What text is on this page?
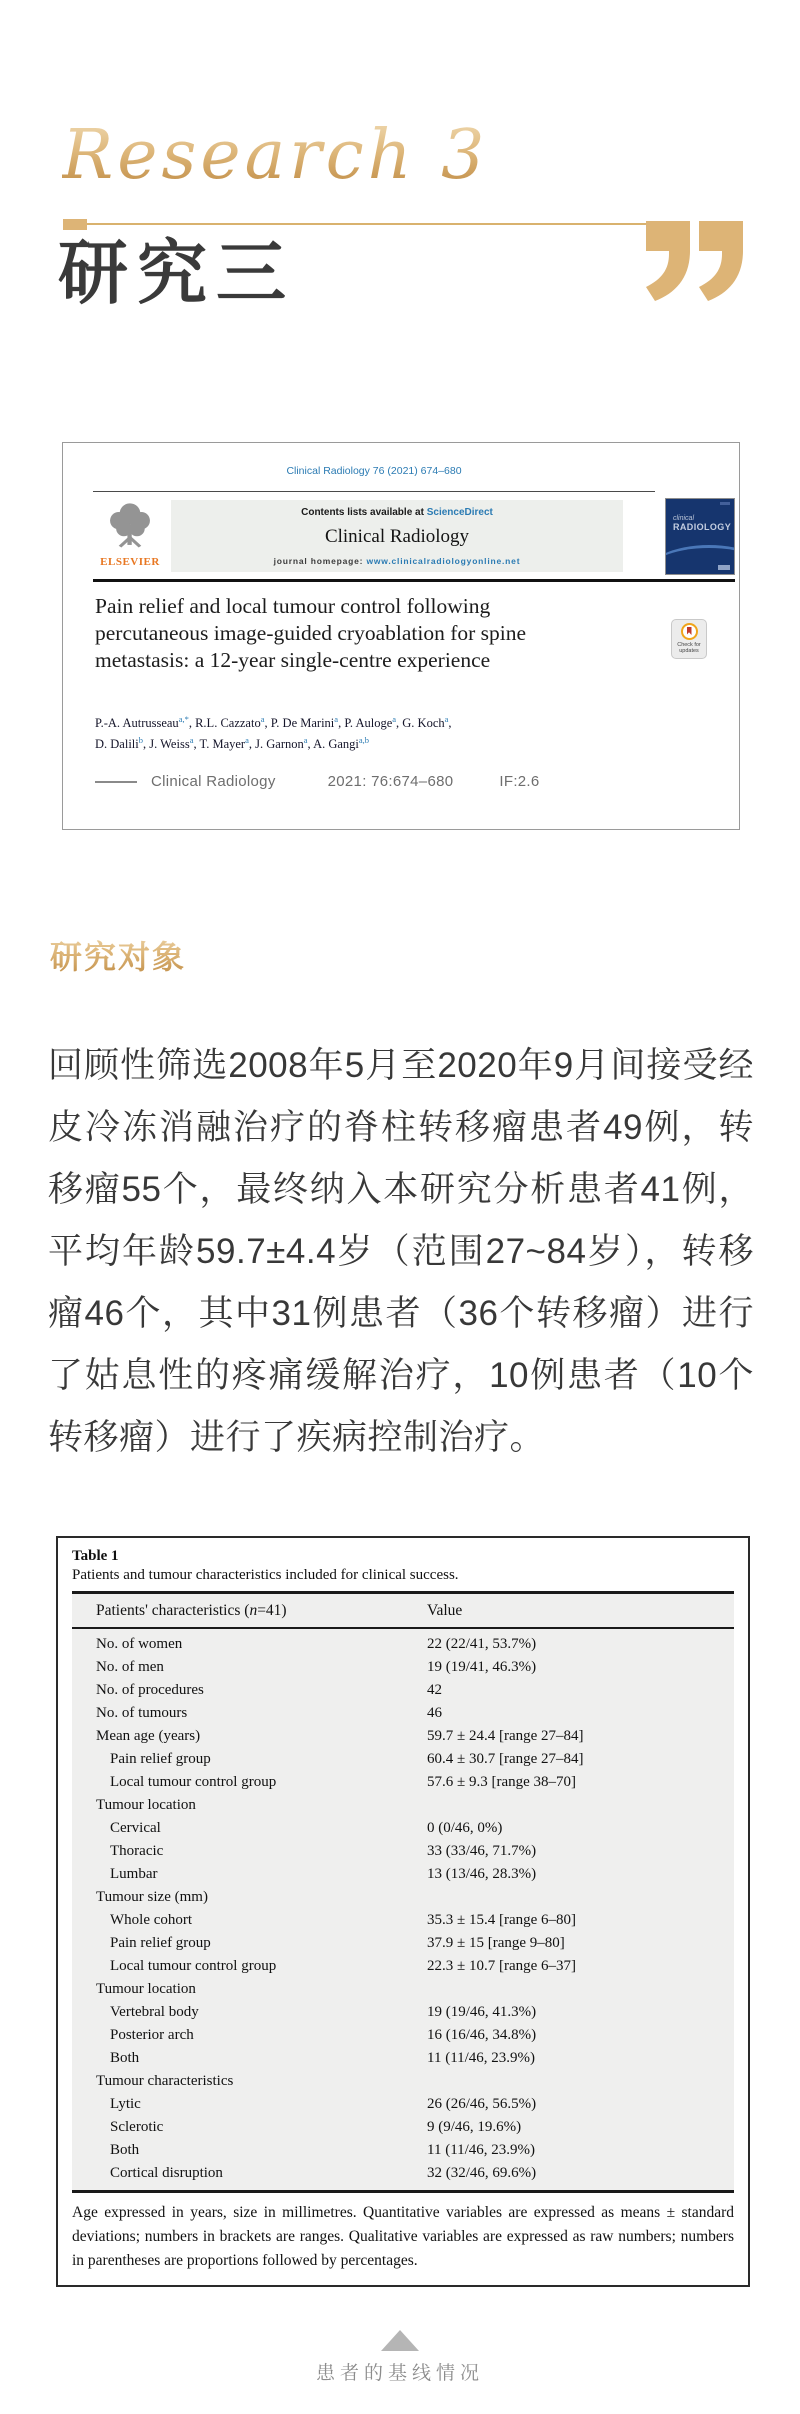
Research 3
研究三
Clinical Radiology 76 (2021) 674–680
ELSEVIER
Contents lists available at ScienceDirect
Clinical Radiology
journal homepage: www.clinicalradiologyonline.net
clinical
RADIOLOGY
Pain relief and local tumour control following percutaneous image-guided cryoablation for spine metastasis: a 12-year single-centre experience
Check for updates
P.-A. Autrusseau$^{a,*}$, R.L. Cazzato$^a$, P. De Marini$^a$, P. Auloge$^a$, G. Koch$^a$,
D. Dalili$^b$, J. Weiss$^a$, T. Mayer$^a$, J. Garnon$^a$, A. Gangi$^{a,b}$
Clinical Radiology	2021: 76:674–680	IF:2.6
研究对象

回顾性筛选2008年5月至2020年9月间接受经皮冷冻消融治疗的脊柱转移瘤患者49例，转移瘤55个，最终纳入本研究分析患者41例，平均年龄59.7±4.4岁（范围27~84岁），转移瘤46个，其中31例患者（36个转移瘤）进行了姑息性的疼痛缓解治疗，10例患者（10个转移瘤）进行了疾病控制治疗。

Table 1
Patients and tumour characteristics included for clinical success.
Patients' characteristics (n=41)	Value
No. of women	22 (22/41, 53.7%)
No. of men	19 (19/41, 46.3%)
No. of procedures	42
No. of tumours	46
Mean age (years)	59.7 ± 24.4 [range 27–84]
Pain relief group	60.4 ± 30.7 [range 27–84]
Local tumour control group	57.6 ± 9.3 [range 38–70]
Tumour location
Cervical	0 (0/46, 0%)
Thoracic	33 (33/46, 71.7%)
Lumbar	13 (13/46, 28.3%)
Tumour size (mm)
Whole cohort	35.3 ± 15.4 [range 6–80]
Pain relief group	37.9 ± 15 [range 9–80]
Local tumour control group	22.3 ± 10.7 [range 6–37]
Tumour location
Vertebral body	19 (19/46, 41.3%)
Posterior arch	16 (16/46, 34.8%)
Both	11 (11/46, 23.9%)
Tumour characteristics
Lytic	26 (26/46, 56.5%)
Sclerotic	9 (9/46, 19.6%)
Both	11 (11/46, 23.9%)
Cortical disruption	32 (32/46, 69.6%)
Age expressed in years, size in millimetres. Quantitative variables are expressed as means ± standard deviations; numbers in brackets are ranges. Qualitative variables are expressed as raw numbers; numbers in parentheses are proportions followed by percentages.
患者的基线情况
